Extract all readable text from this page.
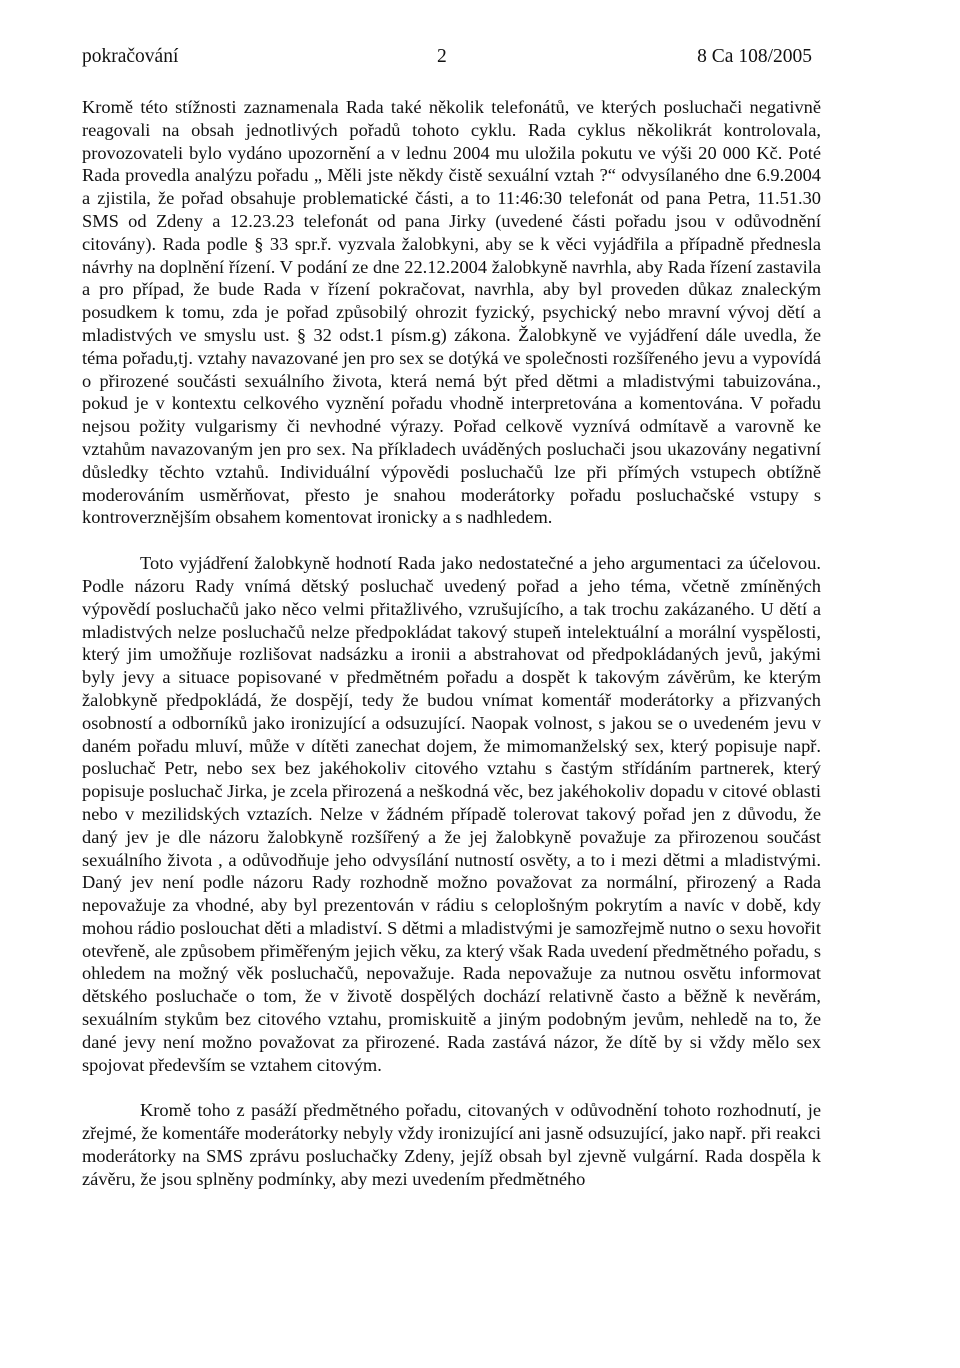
pokračování	2	8 Ca 108/2005

Kromě této stížnosti zaznamenala Rada také několik telefonátů, ve kterých posluchači negativně reagovali na obsah jednotlivých pořadů tohoto cyklu. Rada cyklus několikrát kontrolovala, provozovateli bylo vydáno upozornění a v lednu 2004 mu uložila pokutu ve výši 20 000 Kč. Poté Rada provedla analýzu pořadu „ Měli jste někdy čistě sexuální vztah ?“ odvysílaného dne 6.9.2004 a zjistila, že pořad obsahuje problematické části, a to 11:46:30 telefonát od pana Petra, 11.51.30 SMS od Zdeny a 12.23.23 telefonát od pana Jirky (uvedené části pořadu jsou v odůvodnění citovány). Rada podle § 33 spr.ř. vyzvala žalobkyni, aby se k věci vyjádřila a případně přednesla návrhy na doplnění řízení. V podání ze dne 22.12.2004 žalobkyně navrhla, aby Rada řízení zastavila a pro případ, že bude Rada v řízení pokračovat, navrhla, aby byl proveden důkaz znaleckým posudkem k tomu, zda je pořad způsobilý ohrozit fyzický, psychický nebo mravní vývoj dětí a mladistvých ve smyslu ust. § 32 odst.1 písm.g) zákona. Žalobkyně ve vyjádření dále uvedla, že téma pořadu,tj. vztahy navazované jen pro sex se dotýká ve společnosti rozšířeného jevu a vypovídá o přirozené součásti sexuálního života, která nemá být před dětmi a mladistvými tabuizována., pokud je v kontextu celkového vyznění pořadu vhodně interpretována a komentována. V pořadu nejsou požity vulgarismy či nevhodné výrazy. Pořad celkově vyznívá odmítavě a varovně ke vztahům navazovaným jen pro sex. Na příkladech uváděných posluchači jsou ukazovány negativní důsledky těchto vztahů. Individuální výpovědi posluchačů lze při přímých vstupech obtížně moderováním usměrňovat, přesto je snahou moderátorky pořadu posluchačské vstupy s kontroverznějším obsahem komentovat ironicky a s nadhledem.

Toto vyjádření žalobkyně hodnotí Rada jako nedostatečné a jeho argumentaci za účelovou. Podle názoru Rady vnímá dětský posluchač uvedený pořad a jeho téma, včetně zmíněných výpovědí posluchačů jako něco velmi přitažlivého, vzrušujícího, a tak trochu zakázaného. U dětí a mladistvých nelze posluchačů nelze předpokládat takový stupeň intelektuální a morální vyspělosti, který jim umožňuje rozlišovat nadsázku a ironii a abstrahovat od předpokládaných jevů, jakými byly jevy a situace popisované v předmětném pořadu a dospět k takovým závěrům, ke kterým žalobkyně předpokládá, že dospějí, tedy že budou vnímat komentář moderátorky a přizvaných osobností a odborníků jako ironizující a odsuzující. Naopak volnost, s jakou se o uvedeném jevu v daném pořadu mluví, může v dítěti zanechat dojem, že mimomanželský sex, který popisuje např. posluchač Petr, nebo sex bez jakéhokoliv citového vztahu s častým střídáním partnerek, který popisuje posluchač Jirka, je zcela přirozená a neškodná věc, bez jakéhokoliv dopadu v citové oblasti nebo v mezilidských vztazích. Nelze v žádném případě tolerovat takový pořad jen z důvodu, že daný jev je dle názoru žalobkyně rozšířený a že jej žalobkyně považuje za přirozenou součást sexuálního života , a odůvodňuje jeho odvysílání nutností osvěty, a to i mezi dětmi a mladistvými. Daný jev není podle názoru Rady rozhodně možno považovat za normální, přirozený a Rada nepovažuje za vhodné, aby byl prezentován v rádiu s celoplošným pokrytím a navíc v době, kdy mohou rádio poslouchat děti a mladiství. S dětmi a mladistvými je samozřejmě nutno o sexu hovořit otevřeně, ale způsobem přiměřeným jejich věku, za který však Rada uvedení předmětného pořadu, s ohledem na možný věk posluchačů, nepovažuje. Rada nepovažuje za nutnou osvětu informovat dětského posluchače o tom, že v životě dospělých dochází relativně často a běžně k nevěrám, sexuálním stykům bez citového vztahu, promiskuitě a jiným podobným jevům, nehledě na to, že dané jevy není možno považovat za přirozené. Rada zastává názor, že dítě by si vždy mělo sex spojovat především se vztahem citovým.

Kromě toho z pasáží předmětného pořadu, citovaných v odůvodnění tohoto rozhodnutí, je zřejmé, že komentáře moderátorky nebyly vždy ironizující ani jasně odsuzující, jako např. při reakci moderátorky na SMS zprávu posluchačky Zdeny, jejíž obsah byl zjevně vulgární. Rada dospěla k závěru, že jsou splněny podmínky, aby mezi uvedením předmětného
